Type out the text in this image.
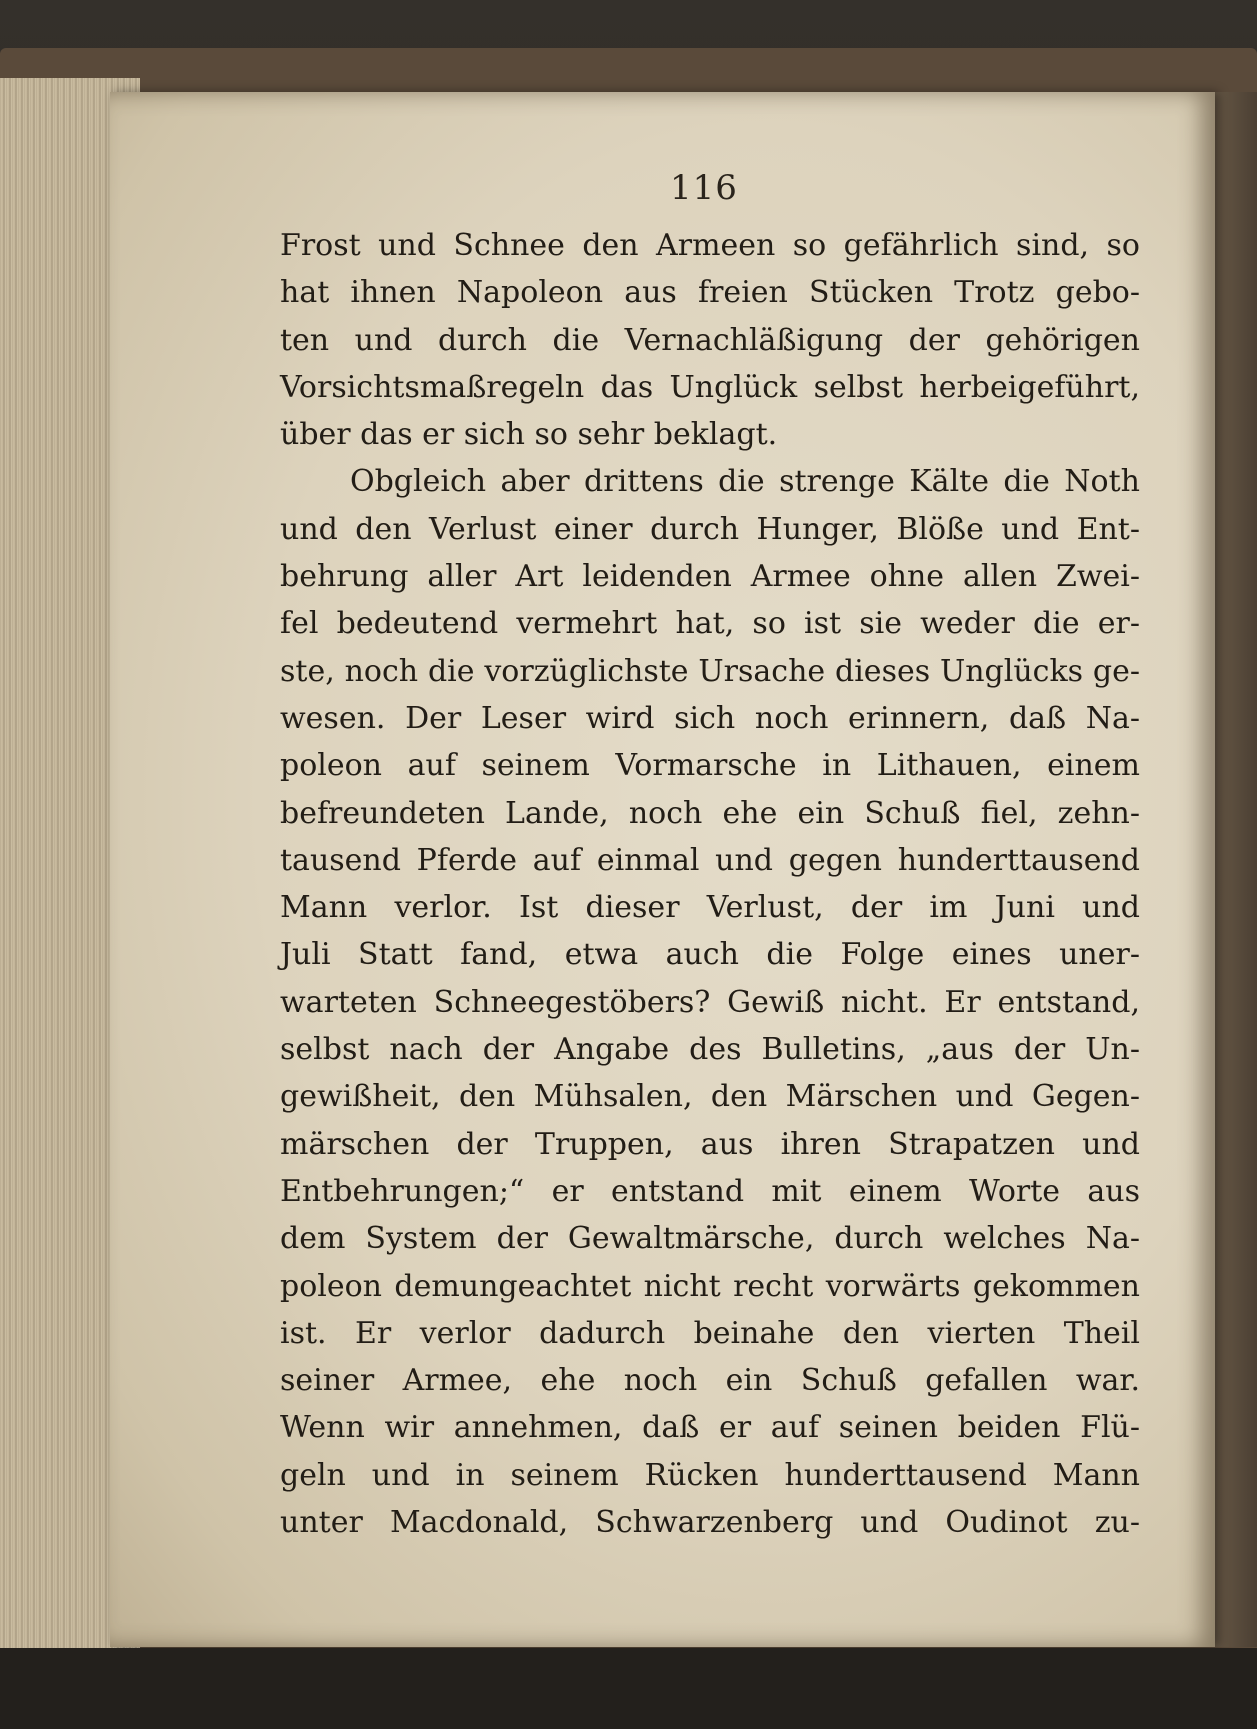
116
Frost und Schnee den Armeen so gefährlich sind, so
hat ihnen Napoleon aus freien Stücken Trotz gebo-
ten und durch die Vernachläßigung der gehörigen
Vorsichtsmaßregeln das Unglück selbst herbeigeführt,
über das er sich so sehr beklagt.
Obgleich aber drittens die strenge Kälte die Noth
und den Verlust einer durch Hunger, Blöße und Ent-
behrung aller Art leidenden Armee ohne allen Zwei-
fel bedeutend vermehrt hat, so ist sie weder die er-
ste, noch die vorzüglichste Ursache dieses Unglücks ge-
wesen. Der Leser wird sich noch erinnern, daß Na-
poleon auf seinem Vormarsche in Lithauen, einem
befreundeten Lande, noch ehe ein Schuß fiel, zehn-
tausend Pferde auf einmal und gegen hunderttausend
Mann verlor. Ist dieser Verlust, der im Juni und
Juli Statt fand, etwa auch die Folge eines uner-
warteten Schneegestöbers? Gewiß nicht. Er entstand,
selbst nach der Angabe des Bulletins, „aus der Un-
gewißheit, den Mühsalen, den Märschen und Gegen-
märschen der Truppen, aus ihren Strapatzen und
Entbehrungen;“ er entstand mit einem Worte aus
dem System der Gewaltmärsche, durch welches Na-
poleon demungeachtet nicht recht vorwärts gekommen
ist. Er verlor dadurch beinahe den vierten Theil
seiner Armee, ehe noch ein Schuß gefallen war.
Wenn wir annehmen, daß er auf seinen beiden Flü-
geln und in seinem Rücken hunderttausend Mann
unter Macdonald, Schwarzenberg und Oudinot zu-
